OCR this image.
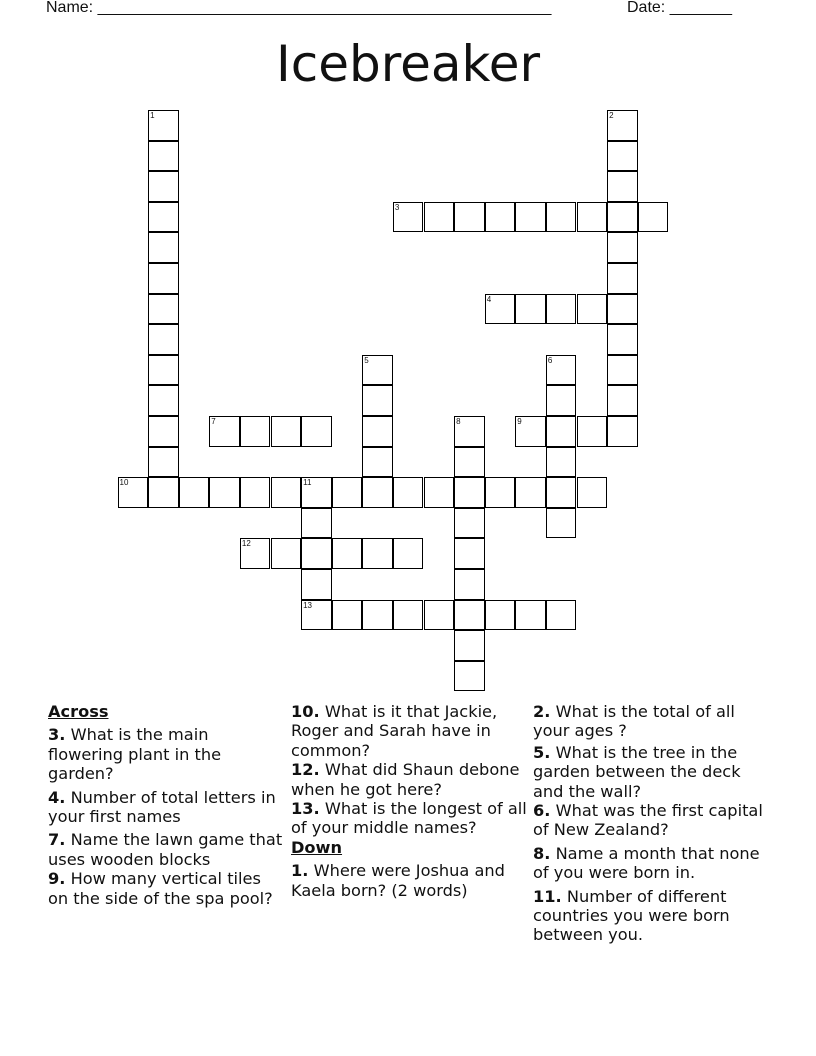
Name: ___________________________________________________	Date: _______
Icebreaker
1	2
3
4
5	6
7	8	9
10	11
13
12
Across
3. What is the main flowering plant in the garden?
4. Number of total letters in your first names
7. Name the lawn game that uses wooden blocks
9. How many vertical tiles on the side of the spa pool?
10. What is it that Jackie, Roger and Sarah have in common?
12. What did Shaun debone when he got here?
13. What is the longest of all of your middle names?
Down
1. Where were Joshua and Kaela born? (2 words)
2. What is the total of all your ages ?
5. What is the tree in the garden between the deck and the wall?
6. What was the first capital of New Zealand?
8. Name a month that none of you were born in.
11. Number of different countries you were born between you.
